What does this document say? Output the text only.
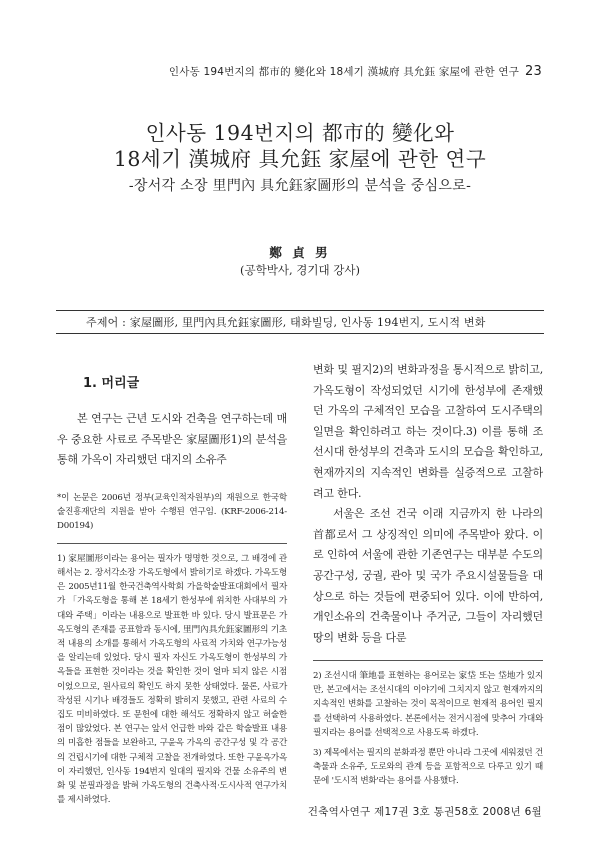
인사동 194번지의 都市的 變化와 18세기 漢城府 具允鈺 家屋에 관한 연구 23
인사동 194번지의 都市的 變化와
18세기 漢城府 具允鈺 家屋에 관한 연구
-장서각 소장 里門內 具允鈺家圖形의 분석을 중심으로-
鄭 貞 男
(공학박사, 경기대 강사)
주제어 : 家屋圖形, 里門內具允鈺家圖形, 태화빌딩, 인사동 194번지, 도시적 변화
1. 머리글

본 연구는 근년 도시와 건축을 연구하는데 매우 중요한 사료로 주목받은 家屋圖形1)의 분석을 통해 가옥이 자리했던 대지의 소유주

*이 논문은 2006년 정부(교육인적자원부)의 재원으로 한국학술진흥재단의 지원을 받아 수행된 연구임. (KRF-2006-214-D00194)

1) 家屋圖形이라는 용어는 필자가 명명한 것으로, 그 배경에 관해서는 2. 장서각소장 가옥도형에서 밝히기로 하겠다. 가옥도형은 2005년11월 한국건축역사학회 가을학술발표대회에서 필자가 「가옥도형을 통해 본 18세기 한성부에 위치한 사대부의 가대와 주택」이라는 내용으로 발표한 바 있다. 당시 발표문은 가옥도형의 존재를 공표함과 동시에, 里門內具允鈺家圖形의 기초적 내용의 소개를 통해서 가옥도형의 사료적 가치와 연구가능성을 알리는데 있었다. 당시 필자 자신도 가옥도형이 한성부의 가옥들을 표현한 것이라는 것을 확인한 것이 얼마 되지 않은 시점이었으므로, 원사료의 확인도 하지 못한 상태였다. 물론, 사료가 작성된 시기나 배경들도 정확히 밝히지 못했고, 관련 사료의 수집도 미비하였다. 또 문헌에 대한 해석도 정확하지 않고 허술한 점이 많았었다. 본 연구는 앞서 언급한 바와 같은 학술발표 내용의 미흡한 점들을 보완하고, 구윤옥 가옥의 공간구성 및 각 공간의 건립시기에 대한 구체적 고찰을 전개하였다. 또한 구윤옥가옥이 자리했던, 인사동 194번지 일대의 필지와 건물 소유주의 변화 및 분필과정을 밝혀 가옥도형의 건축사적·도시사적 연구가치를 제시하였다.

변화 및 필지2)의 변화과정을 통시적으로 밝히고, 가옥도형이 작성되었던 시기에 한성부에 존재했던 가옥의 구체적인 모습을 고찰하여 도시주택의 일면을 확인하려고 하는 것이다.3) 이를 통해 조선시대 한성부의 건축과 도시의 모습을 확인하고, 현재까지의 지속적인 변화를 실증적으로 고찰하려고 한다.

서울은 조선 건국 이래 지금까지 한 나라의 首都로서 그 상징적인 의미에 주목받아 왔다. 이로 인하여 서울에 관한 기존연구는 대부분 수도의 공간구성, 궁궐, 관아 및 국가 주요시설물들을 대상으로 하는 것들에 편중되어 있다. 이에 반하여, 개인소유의 건축물이나 주거군, 그들이 자리했던 땅의 변화 등을 다룬

2) 조선시대 筆地를 표현하는 용어로는 家垈 또는 垈地가 있지만, 본고에서는 조선시대의 이야기에 그치지지 않고 현재까지의 지속적인 변화를 고찰하는 것이 목적이므로 현재적 용어인 필지를 선택하여 사용하였다. 본론에서는 전거시점에 맞추어 가대와 필지라는 용어를 선택적으로 사용도록 하겠다.

3) 제목에서는 필지의 분화과정 뿐만 아니라 그곳에 세워졌던 건축물과 소유주, 도로와의 관계 등을 포함적으로 다루고 있기 때문에 '도시적 변화'라는 용어를 사용했다.

건축역사연구 제17권 3호 통권58호 2008년 6월
